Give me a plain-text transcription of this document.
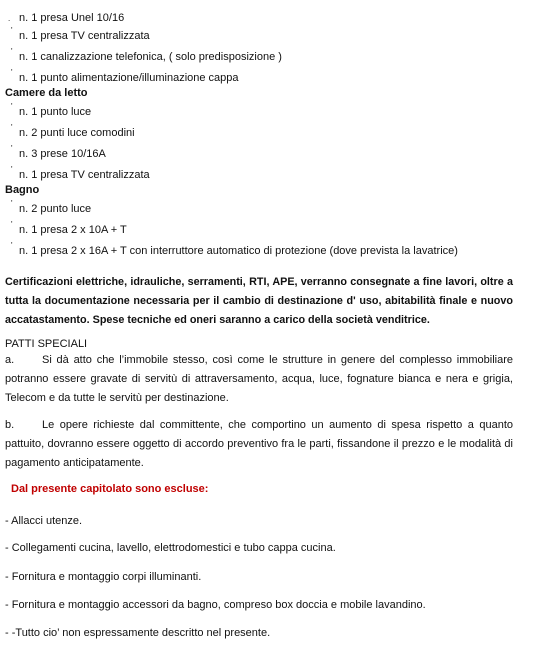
. n. 1 presa Unel 10/16
' n. 1 presa TV centralizzata
' n. 1 canalizzazione telefonica, ( solo predisposizione )
' n. 1 punto alimentazione/illuminazione cappa
Camere da letto
' n. 1 punto luce
' n. 2 punti luce comodini
' n. 3 prese 10/16A
' n. 1 presa TV centralizzata
Bagno
' n. 2 punto luce
' n. 1 presa 2 x 10A + T
' n. 1 presa 2 x 16A + T con interruttore automatico di protezione (dove prevista la lavatrice)
Certificazioni elettriche, idrauliche, serramenti, RTI, APE, verranno consegnate a fine lavori, oltre a tutta la documentazione necessaria per il cambio di destinazione d' uso, abitabilità finale e nuovo accatastamento. Spese tecniche ed oneri saranno a carico della società venditrice.
PATTI SPECIALI
a.	Si dà atto che l’immobile stesso, così come le strutture in genere del complesso immobiliare potranno essere gravate di servitù di attraversamento, acqua, luce, fognature bianca e nera e grigia, Telecom e da tutte le servitù per destinazione.
b.	Le opere richieste dal committente, che comportino un aumento di spesa rispetto a quanto pattuito, dovranno essere oggetto di accordo preventivo fra le parti, fissandone il prezzo e le modalità di pagamento anticipatamente.
Dal presente capitolato sono escluse:
- Allacci utenze.
- Collegamenti cucina, lavello, elettrodomestici e tubo cappa cucina.
- Fornitura e montaggio corpi illuminanti.
- Fornitura e montaggio accessori da bagno, compreso box doccia e mobile lavandino.
- -Tutto cio’ non espressamente descritto nel presente.
